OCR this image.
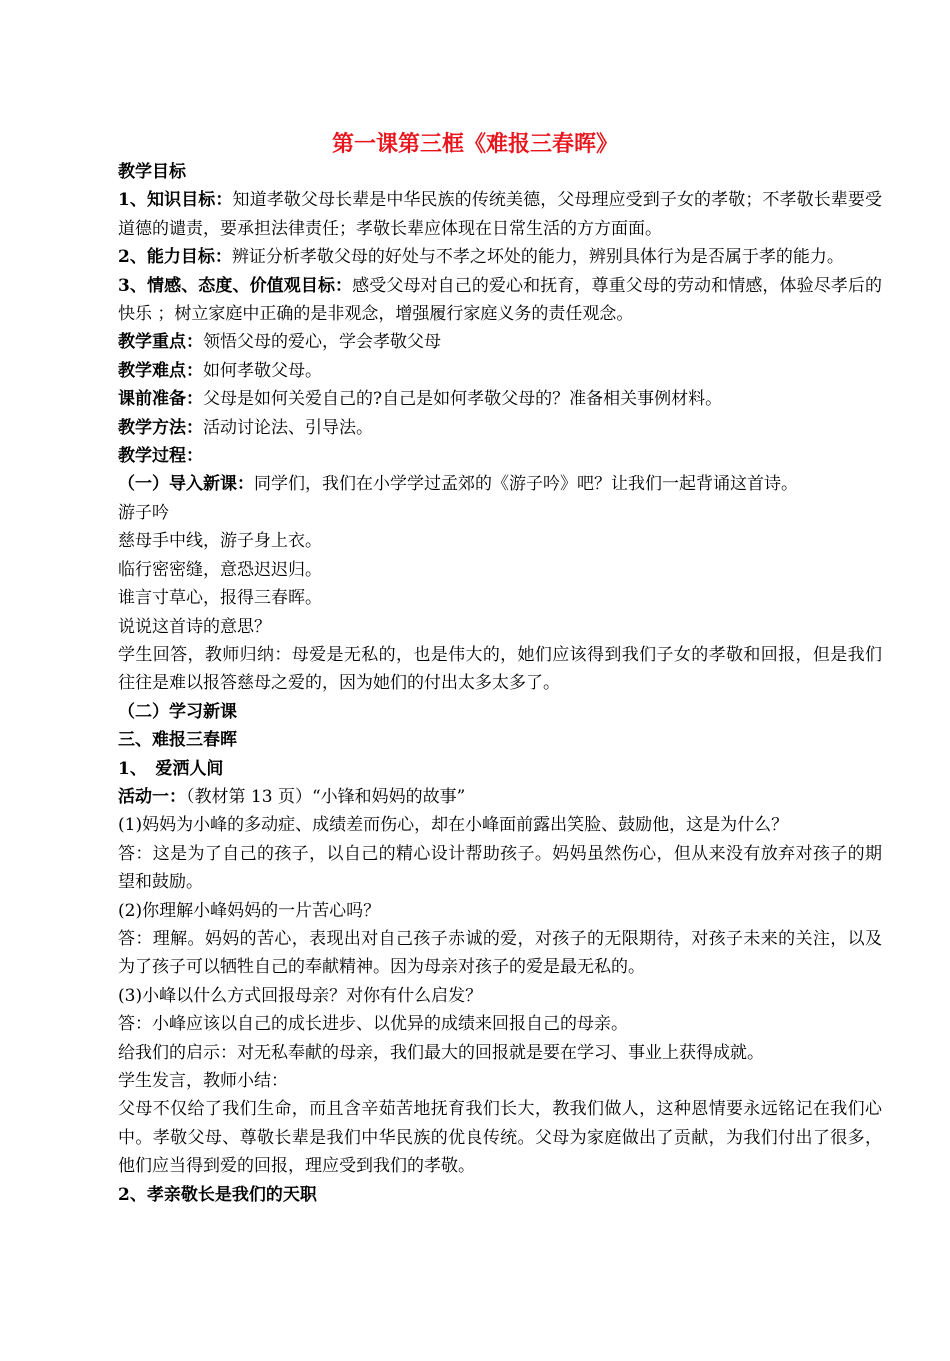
第一课第三框《难报三春晖》

教学目标

1、知识目标：知道孝敬父母长辈是中华民族的传统美德，父母理应受到子女的孝敬；不孝敬长辈要受道德的谴责，要承担法律责任；孝敬长辈应体现在日常生活的方方面面。

2、能力目标：辨证分析孝敬父母的好处与不孝之坏处的能力，辨别具体行为是否属于孝的能力。

3、情感、态度、价值观目标：感受父母对自己的爱心和抚育，尊重父母的劳动和情感，体验尽孝后的快乐 ；树立家庭中正确的是非观念，增强履行家庭义务的责任观念。

教学重点：领悟父母的爱心，学会孝敬父母

教学难点：如何孝敬父母。

课前准备：父母是如何关爱自己的?自己是如何孝敬父母的？准备相关事例材料。

教学方法：活动讨论法、引导法。

教学过程：

（一）导入新课：同学们，我们在小学学过孟郊的《游子吟》吧？让我们一起背诵这首诗。

游子吟

慈母手中线，游子身上衣。

临行密密缝，意恐迟迟归。

谁言寸草心，报得三春晖。

说说这首诗的意思？

学生回答，教师归纳：母爱是无私的，也是伟大的，她们应该得到我们子女的孝敬和回报，但是我们往往是难以报答慈母之爱的，因为她们的付出太多太多了。

（二）学习新课

三、难报三春晖

1、　爱洒人间

活动一：（教材第 13 页）“小锋和妈妈的故事”

(1)妈妈为小峰的多动症、成绩差而伤心，却在小峰面前露出笑脸、鼓励他，这是为什么？

答：这是为了自己的孩子，以自己的精心设计帮助孩子。妈妈虽然伤心，但从来没有放弃对孩子的期望和鼓励。

(2)你理解小峰妈妈的一片苦心吗？

答：理解。妈妈的苦心，表现出对自己孩子赤诚的爱，对孩子的无限期待，对孩子未来的关注，以及为了孩子可以牺牲自己的奉献精神。因为母亲对孩子的爱是最无私的。

(3)小峰以什么方式回报母亲？对你有什么启发？

答：小峰应该以自己的成长进步、以优异的成绩来回报自己的母亲。

给我们的启示：对无私奉献的母亲，我们最大的回报就是要在学习、事业上获得成就。

学生发言，教师小结：

父母不仅给了我们生命，而且含辛茹苦地抚育我们长大，教我们做人，这种恩情要永远铭记在我们心中。孝敬父母、尊敬长辈是我们中华民族的优良传统。父母为家庭做出了贡献，为我们付出了很多，他们应当得到爱的回报，理应受到我们的孝敬。

2、孝亲敬长是我们的天职
